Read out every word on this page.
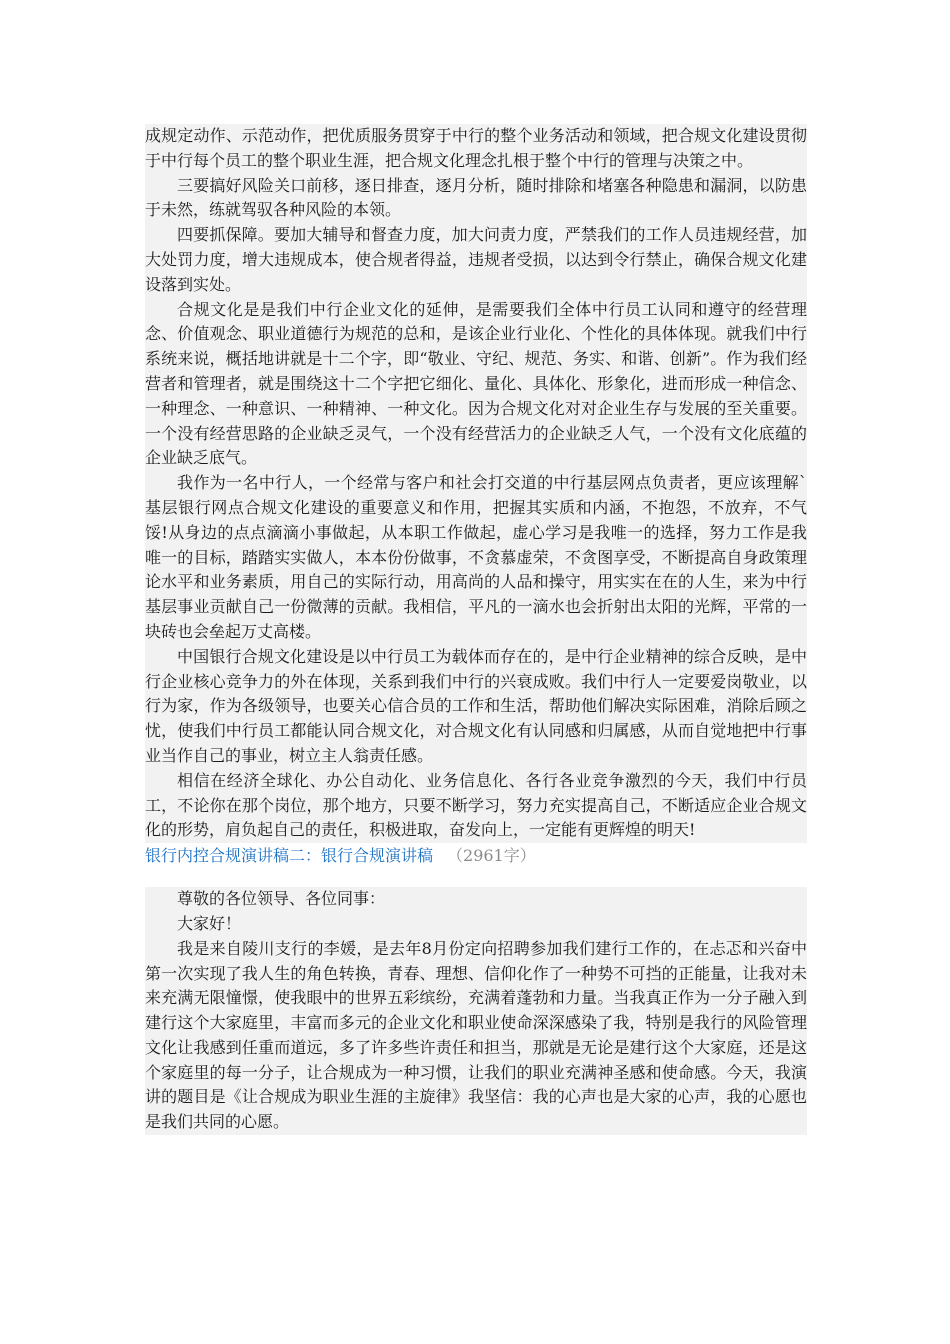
成规定动作、示范动作，把优质服务贯穿于中行的整个业务活动和领域，把合规文化建设贯彻于中行每个员工的整个职业生涯，把合规文化理念扎根于整个中行的管理与决策之中。

三要搞好风险关口前移，逐日排查，逐月分析，随时排除和堵塞各种隐患和漏洞，以防患于未然，练就驾驭各种风险的本领。

四要抓保障。要加大辅导和督查力度，加大问责力度，严禁我们的工作人员违规经营，加大处罚力度，增大违规成本，使合规者得益，违规者受损，以达到令行禁止，确保合规文化建设落到实处。

合规文化是是我们中行企业文化的延伸，是需要我们全体中行员工认同和遵守的经营理念、价值观念、职业道德行为规范的总和，是该企业行业化、个性化的具体体现。就我们中行系统来说，概括地讲就是十二个字，即“敬业、守纪、规范、务实、和谐、创新”。作为我们经营者和管理者，就是围绕这十二个字把它细化、量化、具体化、形象化，进而形成一种信念、一种理念、一种意识、一种精神、一种文化。因为合规文化对对企业生存与发展的至关重要。一个没有经营思路的企业缺乏灵气，一个没有经营活力的企业缺乏人气，一个没有文化底蕴的企业缺乏底气。

我作为一名中行人，一个经常与客户和社会打交道的中行基层网点负责者，更应该理解`基层银行网点合规文化建设的重要意义和作用，把握其实质和内涵，不抱怨，不放弃，不气馁!从身边的点点滴滴小事做起，从本职工作做起，虚心学习是我唯一的选择，努力工作是我唯一的目标，踏踏实实做人，本本份份做事，不贪慕虚荣，不贪图享受，不断提高自身政策理论水平和业务素质，用自己的实际行动，用高尚的人品和操守，用实实在在的人生，来为中行基层事业贡献自己一份微薄的贡献。我相信，平凡的一滴水也会折射出太阳的光辉，平常的一块砖也会垒起万丈高楼。

中国银行合规文化建设是以中行员工为载体而存在的，是中行企业精神的综合反映，是中行企业核心竞争力的外在体现，关系到我们中行的兴衰成败。我们中行人一定要爱岗敬业，以行为家，作为各级领导，也要关心信合员的工作和生活，帮助他们解决实际困难，消除后顾之忧，使我们中行员工都能认同合规文化，对合规文化有认同感和归属感，从而自觉地把中行事业当作自己的事业，树立主人翁责任感。

相信在经济全球化、办公自动化、业务信息化、各行各业竞争激烈的今天，我们中行员工，不论你在那个岗位，那个地方，只要不断学习，努力充实提高自己，不断适应企业合规文化的形势，肩负起自己的责任，积极进取，奋发向上，一定能有更辉煌的明天!

银行内控合规演讲稿二：银行合规演讲稿 （2961字）

尊敬的各位领导、各位同事：

大家好！

我是来自陵川支行的李媛，是去年8月份定向招聘参加我们建行工作的，在忐忑和兴奋中第一次实现了我人生的角色转换，青春、理想、信仰化作了一种势不可挡的正能量，让我对未来充满无限憧憬，使我眼中的世界五彩缤纷，充满着蓬勃和力量。当我真正作为一分子融入到建行这个大家庭里，丰富而多元的企业文化和职业使命深深感染了我，特别是我行的风险管理文化让我感到任重而道远，多了许多些许责任和担当，那就是无论是建行这个大家庭，还是这个家庭里的每一分子，让合规成为一种习惯，让我们的职业充满神圣感和使命感。今天，我演讲的题目是《让合规成为职业生涯的主旋律》我坚信：我的心声也是大家的心声，我的心愿也是我们共同的心愿。
